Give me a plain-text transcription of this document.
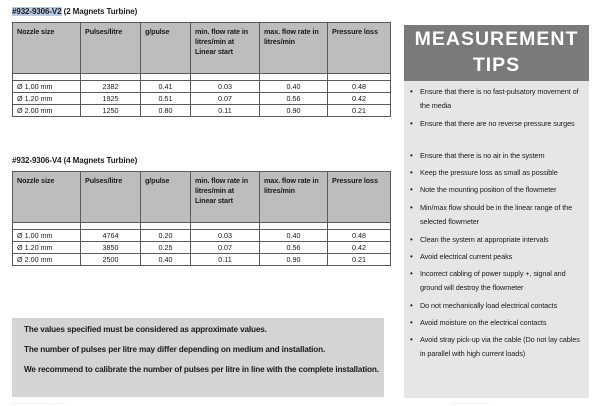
#932-9306-V2 (2 Magnets Turbine)
Nozzle size	Pulses/litre	g/pulse	min. flow rate in litres/min at Linear start	max. flow rate in litres/min	Pressure loss

Ø 1.00 mm	2382	0.41	0.03	0.40	0.48
Ø 1.20 mm	1925	0.51	0.07	0.56	0.42
Ø 2.00 mm	1250	0.80	0.11	0.90	0.21
#932-9306-V4 (4 Magnets Turbine)
Nozzle size	Pulses/litre	g/pulse	min. flow rate in litres/min at Linear start	max. flow rate in litres/min	Pressure loss

Ø 1.00 mm	4764	0.20	0.03	0.40	0.48
Ø 1.20 mm	3850	0.25	0.07	0.56	0.42
Ø 2.00 mm	2500	0.40	0.11	0.90	0.21

The values specified must be considered as approximate values.

The number of pulses per litre may differ depending on medium and installation.

We recommend to calibrate the number of pulses per litre in line with the complete installation.

MEASUREMENT
TIPS
• Ensure that there is no fast-pulsatory movement of the media
• Ensure that there are no reverse pressure surges
• Ensure that there is no air in the system
• Keep the pressure loss as small as possible
• Note the mounting position of the flowmeter
• Min/max flow should be in the linear range of the selected flowmeter
• Clean the system at appropriate intervals
• Avoid electrical current peaks
• Incorrect cabling of power supply +, signal and ground will destroy the flowmeter
• Do not mechanically load electrical contacts
• Avoid moisture on the electrical contacts
• Avoid stray pick-up via the cable (Do not lay cables in parallel with high current loads)
· · · · · · · · · · · · · · · · · · · · · ·	· · · · · · · · · · · · · · · ·
